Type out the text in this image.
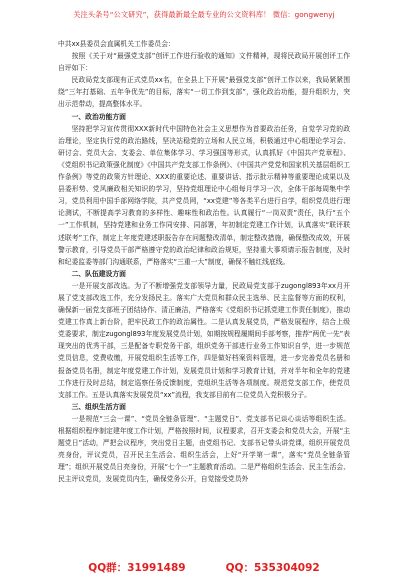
关注头条号“公文研究”，获得最新最全最专业的公文资料库！ 微信：gongwenyj

中共xx县委员会直属机关工作委员会：

按照《关于对“最强党支部”创评工作进行验收的通知》文件精神，现将民政局开展创评工作自评如下：

民政局党支部现有正式党员xx名，在全县上下开展“最强党支部”创评工作以来，我局紧紧围绕“三年打基础、五年争优先”的目标，落实“一切工作到支部”，强化政治功能，提升组织力，突出示范带动，提高整体水平。

一、政治功能方面

坚持把学习宣传贯彻XXX新时代中国特色社会主义思想作为首要政治任务，自觉学习党的政治理论，坚定执行党的政治路线，坚决站稳党的立场和人民立场，积极通过中心组理论学习会、研讨会、党员大会、支委会、单位集体学习、学习强国等形式，认真抓好《中国共产党章程》、《党组织书记政策强化制度》《中国共产党支部工作条例》、《中国共产党党和国家机关基层组织工作条例》等党的政策方针理论、XXX的重要论述、重要讲话、指示批示精神等重要理论成果以及县委形势、党风廉政相关知识的学习，坚持党组理论中心组每月学习一次，全体干部每周集中学习，党员利用中国手部网络学院，共产党员网，“xx党建”等各类平台进行自学，组织党员进行理论测试，不断提高学习教育的多样性、趣味性和政治性。认真履行“一岗双责”责任，执行“五个一”工作机制，坚持党建和业务工作同安排、同部署，年初制定党建工作计划，认真落实“联评联述联考”工作，制定上年度党建述职报告存在问题整改清单，制定整改措施，确保整改成效，开展警示教育，引导党员干部严格遵守党的政治纪律和政治规矩，坚持重大事项请示报告制度，及时和纪委监委等部门沟通联系，严格落实“三重一大”制度，确保不触红线底线。

二、队伍建设方面

一是开展支部改选。为了不断增强党支部领导力量，民政局党支部于zugongl893年xx月开展了党支部改选工作，充分发扬民主。落实广大党员和群众民主选举、民主监督等方面的权利，确保新一届党支部班子团结协作、清正廉洁，严格落实《党组织书记抓党建工作责任制度》，推动党建工作真上新台阶，把牢民政工作的政治属性。二是认真发展党员，严格发展程序，结合上级党委要求，制定zugongl893年度发展党员计划，如期按规程履期间手部考察，推荐“两优一先”表现突出的优秀干部，三是配备专职党务干部，组织党务干部进行业务工作知识自学，进一步规范党员信息，党费收缴，开展党组织生活等工作，四是做好档案资料管理，进一步完善党员名册和报备党员名册，制定年度党建工作计划，发展党员计划和学习教育计划，并对半年和全年的党建工作进行及时总结，制定巡察任务反馈制度，党组织生活等各项制度。规范党支部工作，使党员支部工作。五是认真落实发展党员“xx”流程，我支部目前有二位党员入党积极分子。

三、组织生活方面

一是规范“三会一课”、“党员全链条管理”、“主题党日”、党支部书记谈心谈话等组织生活。根据组织程序制定建年度工作计划，严格按照时间，议程要求，召开支委会和党员大会，开展“主题党日”活动，严把会议程序，突出党日主题，由党组书记、支部书记带头讲党课，组织开展党员亮身份，评议党员，召开民主生活会、组织生活会，上好“开学第一课”，落实“党员全链条管理”；组织开展党员日亮身份，开展“七个一”主题教育活动。二是严格组织生活会、民主生活会、民主评议党员，发展党员内生，确保党务公开，自觉接受党员外

QQ群：31991489	QQ：535304092
